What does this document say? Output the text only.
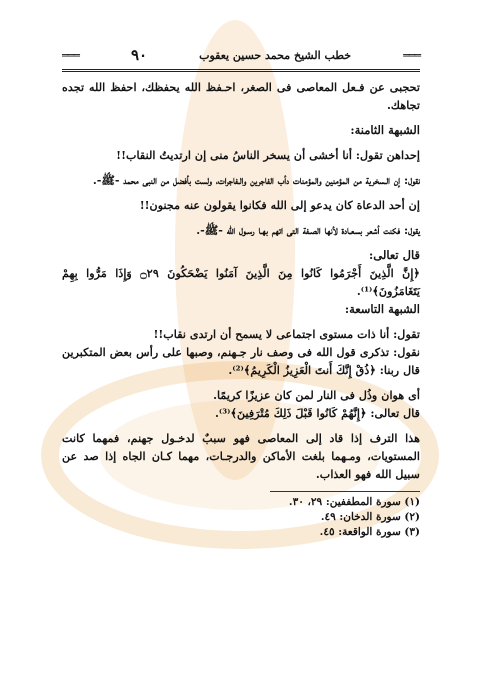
═══
خطب الشيخ محمد حسين يعقوب
٩٠
═══

تحجبى عن فـعل المعاصى فى الصغر، احـفظ الله يحفظك، احفظ الله تجده تجاهك.

الشبهة الثامنة:

إحداهن تقول: أنا أخشى أن يسخر الناسُ منى إن ارتديتُ النقاب!!

نقول: إن الـسخرية من المؤمنين والمؤمنات دأب الفاجرين والـفاجرات، ولست بأفضل من النبى محمد -ﷺ-.

إن أحد الدعاة كان يدعو إلى الله فكانوا يقولون عنه مجنون!!

يقول: فكنت أشعر بسعـادة لأنها الصـفة التى اتهم بهـا رسـول الله -ﷺ-.

قال تعالى:

﴿إِنَّ الَّذِينَ أَجْرَمُوا كَانُوا مِنَ الَّذِينَ آمَنُوا يَضْحَكُونَ ۝٢٩ وَإِذَا مَرُّوا بِهِمْ يَتَغَامَزُونَ﴾⁽¹⁾.

الشبهة التاسعة:

تقول: أنا ذات مستوى اجتماعى لا يسمح أن ارتدى نقاب!!

نقول: تذكرى قول الله فى وصف نار جـهنم، وصبها على رأس بعض المتكبرين قال ربنا: ﴿ذُقْ إِنَّكَ أَنتَ الْعَزِيزُ الْكَرِيمُ﴾⁽²⁾.

أى هوان وذُل فى النار لمن كان عزيزًا كريمًا.

قال تعالى: ﴿إِنَّهُمْ كَانُوا قَبْلَ ذَلِكَ مُتْرَفِينَ﴾⁽³⁾.

هذا الترف إذا قاد إلى المعاصى فهو سببٌ لدخـول جهنم، فمهما كانت المستويات، ومـهما بلغت الأماكن والدرجـات، مهما كـان الجاه إذا صد عن سبيل الله فهو العذاب.

(١) سورة المطففين: ٢٩، ٣٠.

(٢) سورة الدخان: ٤٩.

(٣) سورة الواقعة: ٤٥.
